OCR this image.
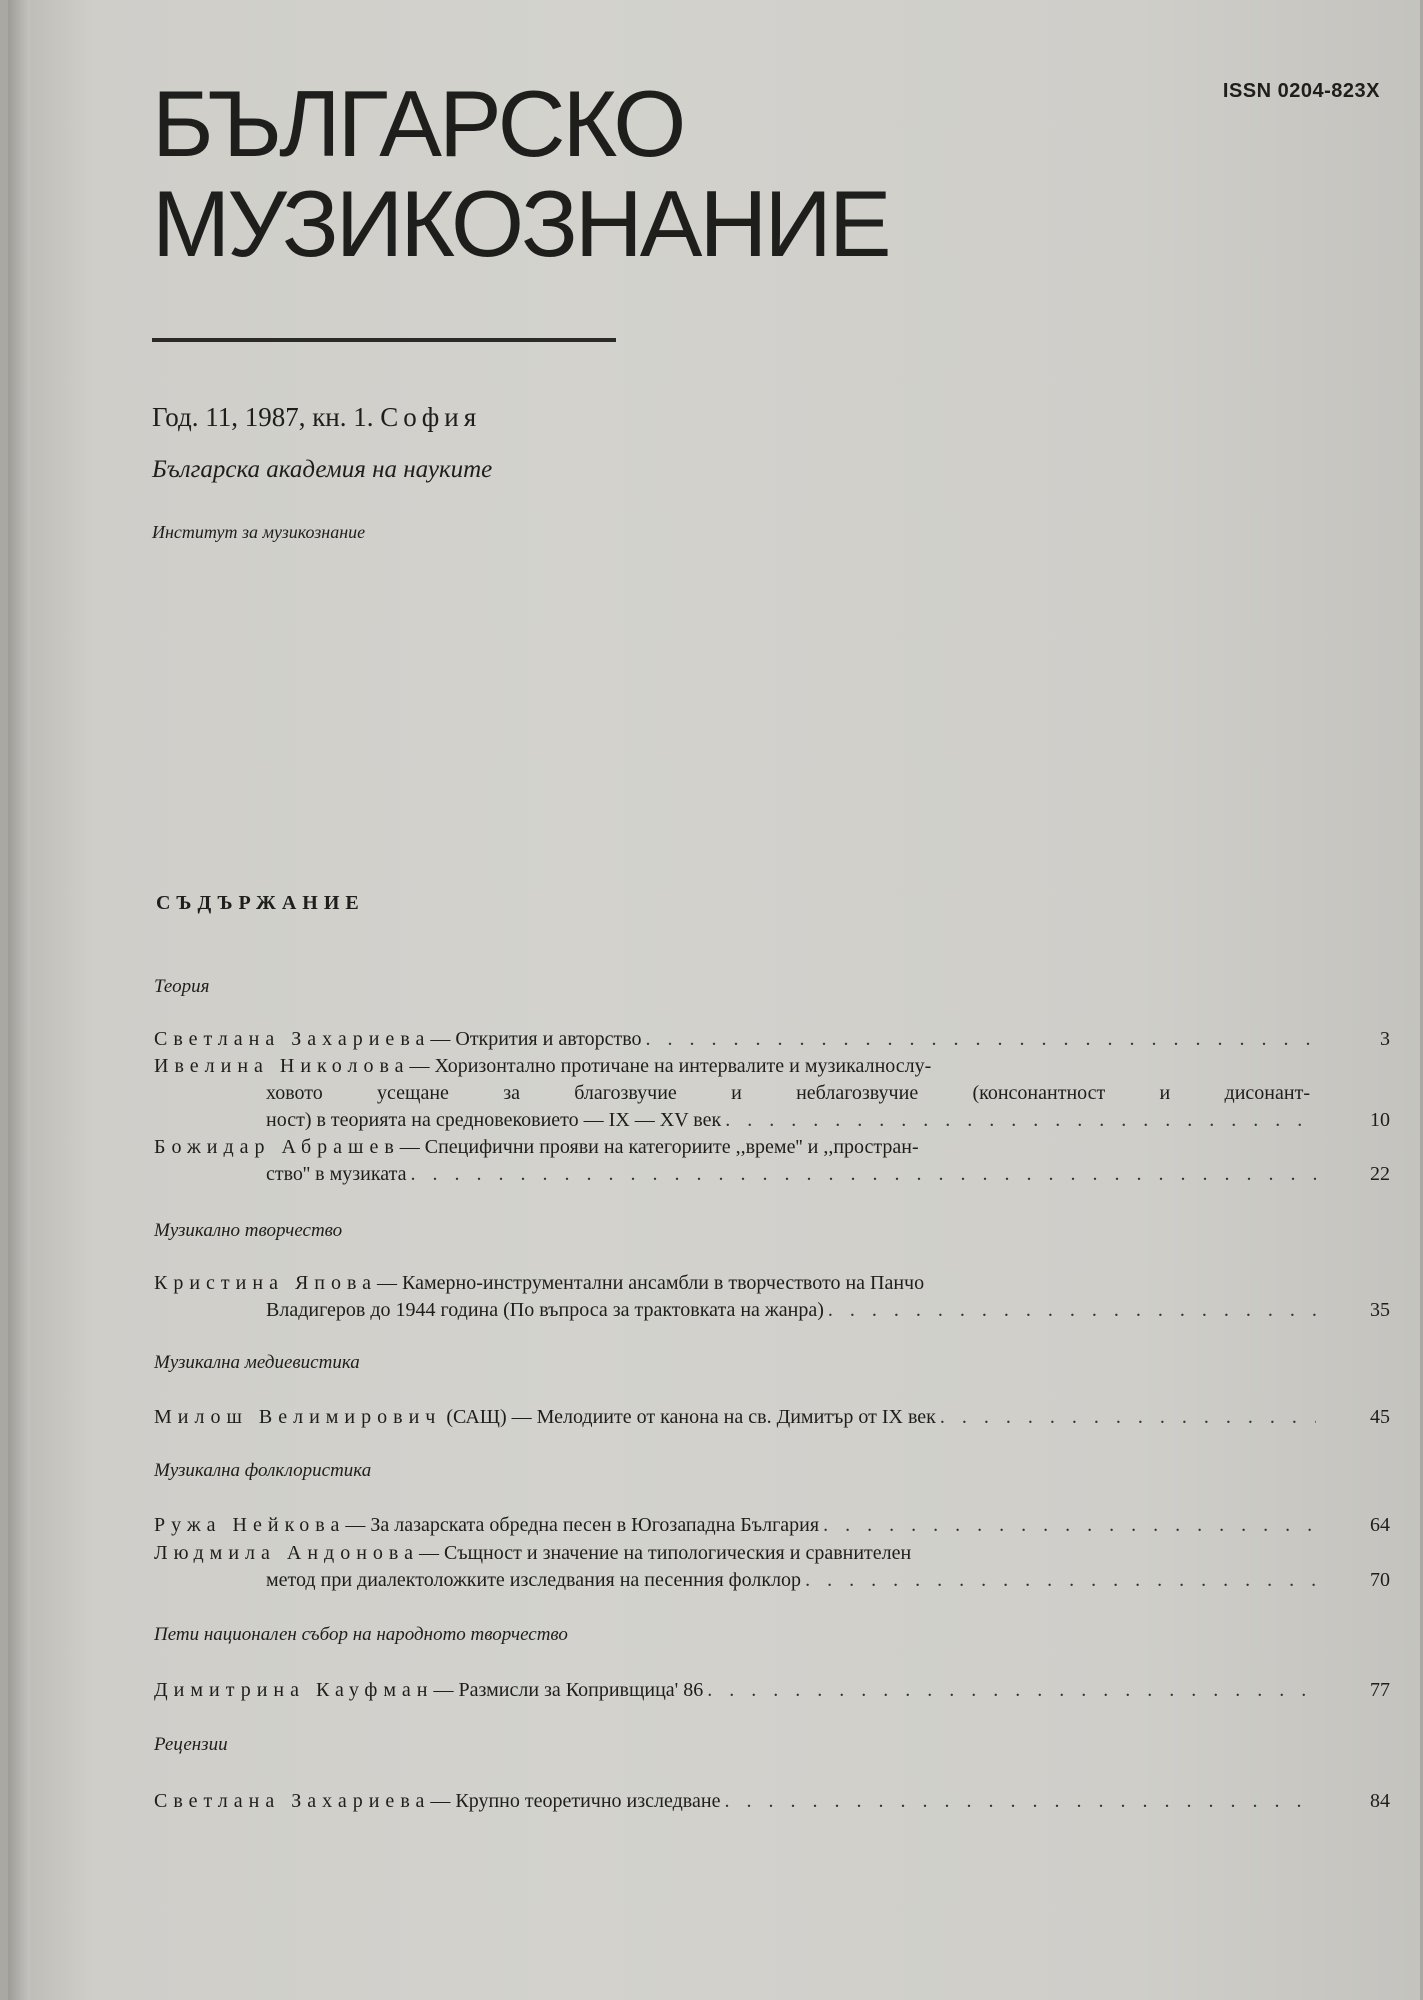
ISSN 0204-823X
БЪЛГАРСКО
МУЗИКОЗНАНИЕ
Год. 11, 1987, кн. 1. София
Българска академия на науките
Институт за музикознание
СЪДЪРЖАНИЕ
Теория
Светлана Захариева— Открития и авторство . . .	3
Ивелина Николова— Хоризонтално протичане на интервалите и музикалнослу-
ховото усещане за благозвучие и неблагозвучие (консонантност и дисонант-
ност) в теорията на средновековието — IX — XV век . . .	10
Божидар Абрашев— Специфични прояви на категориите ,,време'' и ,,простран-
ство'' в музиката . . .	22
Музикално творчество
Кристина Япова— Камерно-инструментални ансамбли в творчеството на Панчо
Владигеров до 1944 година (По въпроса за трактовката на жанра) . . .	35
Музикална медиевистика
Милош Велимирович (САЩ) — Мелодиите от канона на св. Димитър от IX век . . .	45
Музикална фолклористика
Ружа Нейкова— За лазарската обредна песен в Югозападна България . . .	64
Людмила Андонова— Същност и значение на типологическия и сравнителен
метод при диалектоложките изследвания на песенния фолклор . . .	70
Пети национален събор на народното творчество
Димитрина Кауфман— Размисли за Копривщица' 86 . . .	77
Рецензии
Светлана Захариева— Крупно теоретично изследване . . .	84
